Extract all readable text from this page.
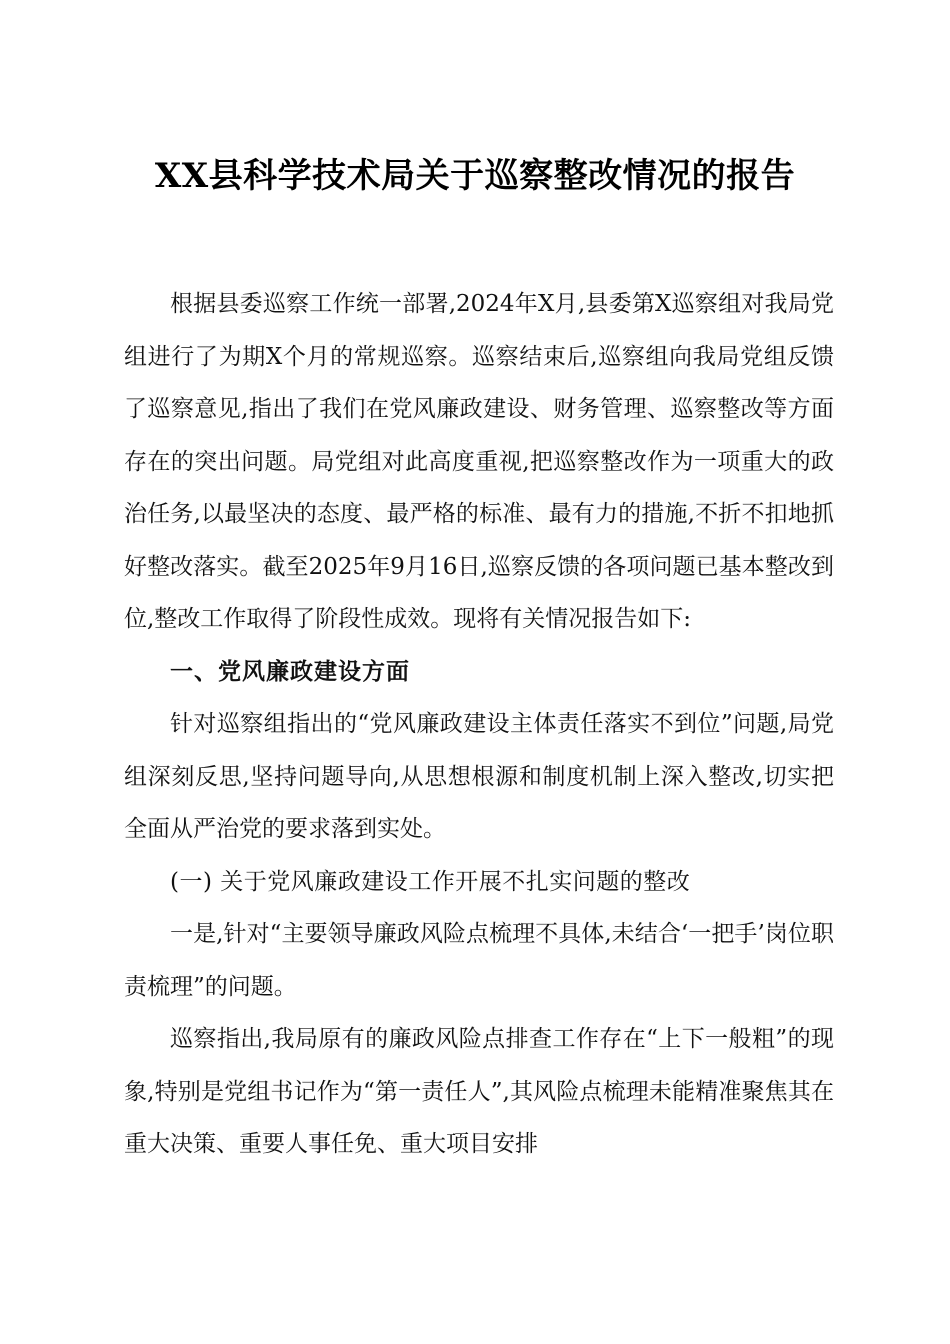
XX县科学技术局关于巡察整改情况的报告

根据县委巡察工作统一部署,2024年X月,县委第X巡察组对我局党组进行了为期X个月的常规巡察。巡察结束后,巡察组向我局党组反馈了巡察意见,指出了我们在党风廉政建设、财务管理、巡察整改等方面存在的突出问题。局党组对此高度重视,把巡察整改作为一项重大的政治任务,以最坚决的态度、最严格的标准、最有力的措施,不折不扣地抓好整改落实。截至2025年9月16日,巡察反馈的各项问题已基本整改到位,整改工作取得了阶段性成效。现将有关情况报告如下:

一、党风廉政建设方面

针对巡察组指出的“党风廉政建设主体责任落实不到位”问题,局党组深刻反思,坚持问题导向,从思想根源和制度机制上深入整改,切实把全面从严治党的要求落到实处。

(一) 关于党风廉政建设工作开展不扎实问题的整改

一是,针对“主要领导廉政风险点梳理不具体,未结合‘一把手’岗位职责梳理”的问题。

巡察指出,我局原有的廉政风险点排查工作存在“上下一般粗”的现象,特别是党组书记作为“第一责任人”,其风险点梳理未能精准聚焦其在重大决策、重要人事任免、重大项目安排
